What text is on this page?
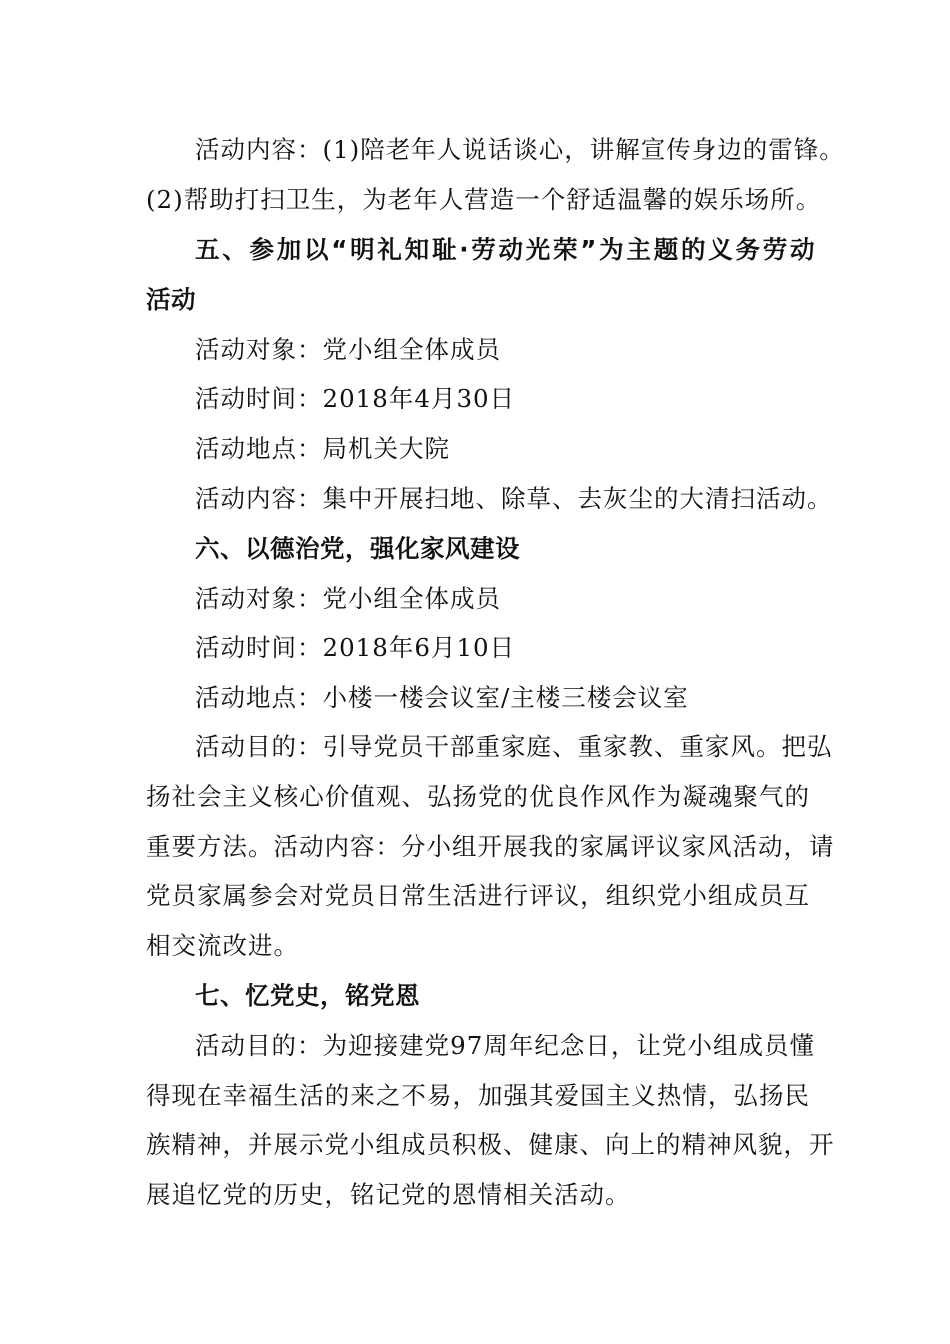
活动内容：(1)陪老年人说话谈心，讲解宣传身边的雷锋。
(2)帮助打扫卫生，为老年人营造一个舒适温馨的娱乐场所。
五、参加以“明礼知耻·劳动光荣”为主题的义务劳动
活动
活动对象：党小组全体成员
活动时间：2018年4月30日
活动地点：局机关大院
活动内容：集中开展扫地、除草、去灰尘的大清扫活动。
六、以德治党，强化家风建设
活动对象：党小组全体成员
活动时间：2018年6月10日
活动地点：小楼一楼会议室/主楼三楼会议室
活动目的：引导党员干部重家庭、重家教、重家风。把弘
扬社会主义核心价值观、弘扬党的优良作风作为凝魂聚气的
重要方法。活动内容：分小组开展我的家属评议家风活动，请
党员家属参会对党员日常生活进行评议，组织党小组成员互
相交流改进。
七、忆党史，铭党恩
活动目的：为迎接建党97周年纪念日，让党小组成员懂
得现在幸福生活的来之不易，加强其爱国主义热情，弘扬民
族精神，并展示党小组成员积极、健康、向上的精神风貌，开
展追忆党的历史，铭记党的恩情相关活动。
